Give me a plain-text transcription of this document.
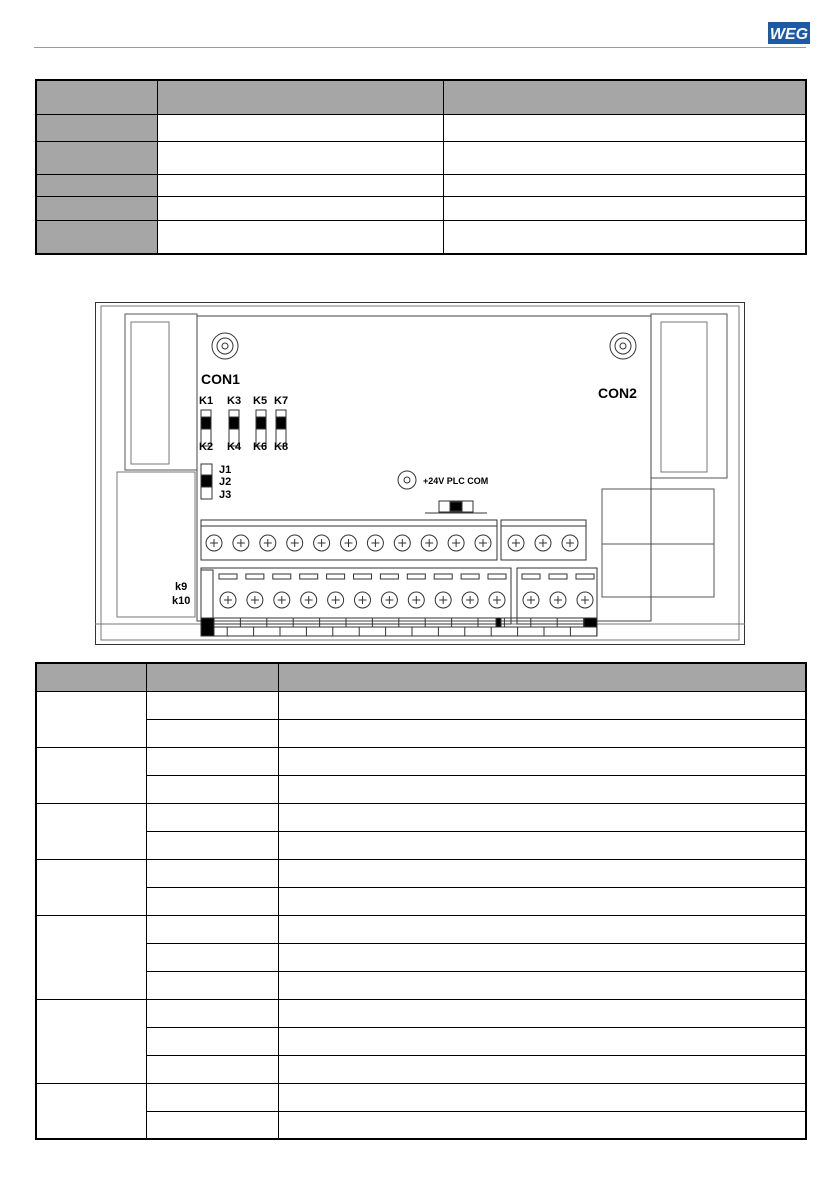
WEG

CON1
CON2
K1 K3 K5 K7
K2 K4 K6 K8
J1
J2
J3
k9
k10
+24V PLC COM
